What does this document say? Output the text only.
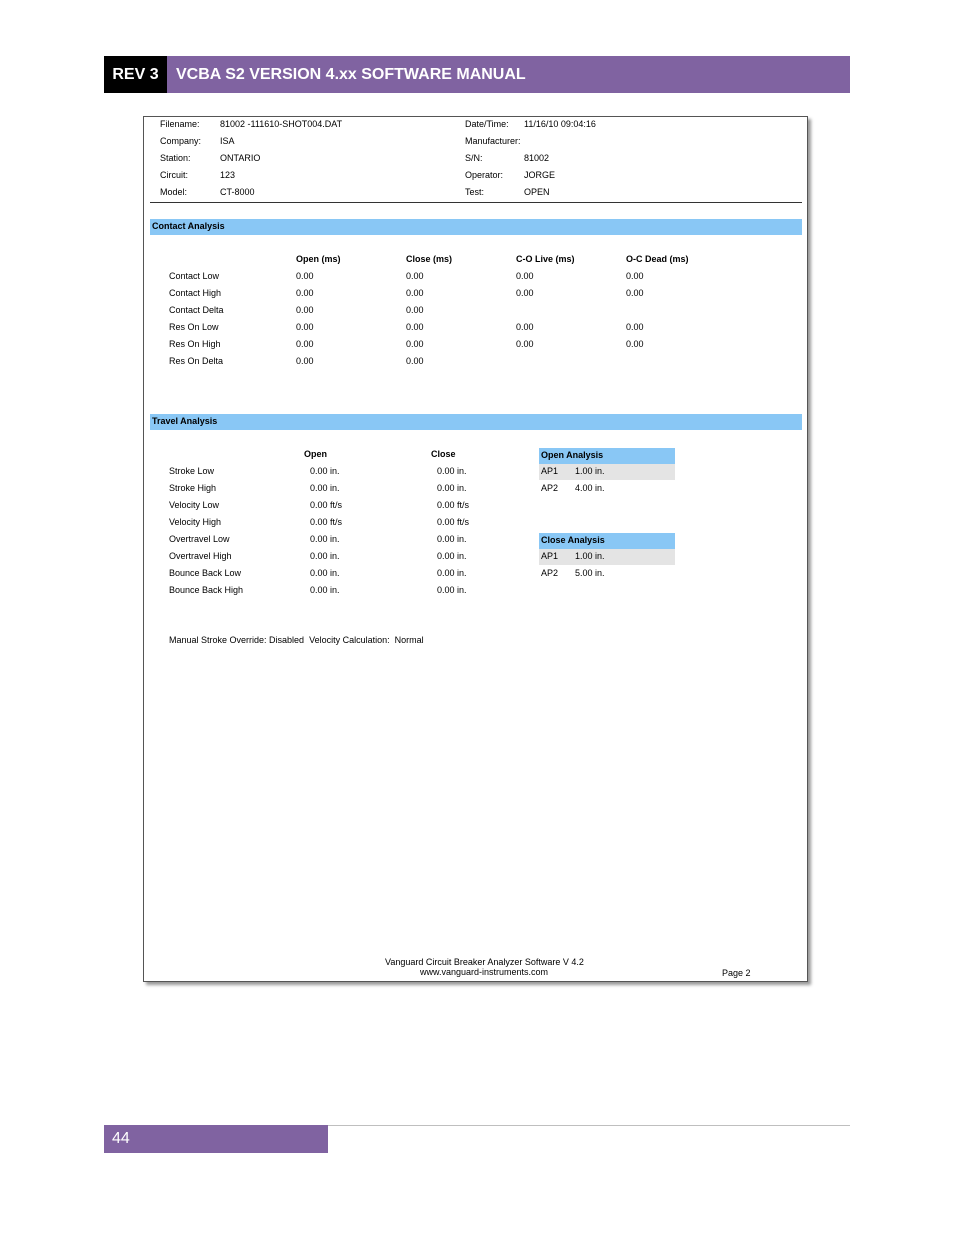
REV 3	VCBA S2 VERSION 4.xx SOFTWARE MANUAL
Filename: 81002 -111610-SHOT004.DAT
Company: ISA
Station:	ONTARIO
Circuit:	123
Model:	CT-8000
Date/Time: 11/16/10 09:04:16
Manufacturer:
S/N:	81002
Operator: JORGE
Test:	OPEN
Contact Analysis
Open (ms)	Close (ms)	C-O Live (ms)	O-C Dead (ms)
Contact Low	0.00	0.00	0.00	0.00
Contact High	0.00	0.00	0.00	0.00
Contact Delta	0.00	0.00
Res On Low	0.00	0.00	0.00	0.00
Res On High	0.00	0.00	0.00	0.00
Res On Delta	0.00	0.00
Travel Analysis
Open	Close
Stroke Low	0.00 in.	0.00 in.
Stroke High	0.00 in.	0.00 in.
Velocity Low	0.00 ft/s	0.00 ft/s
Velocity High	0.00 ft/s	0.00 ft/s
Overtravel Low	0.00 in.	0.00 in.
Overtravel High	0.00 in.	0.00 in.
Bounce Back Low	0.00 in.	0.00 in.
Bounce Back High	0.00 in.	0.00 in.
Open Analysis
AP1 1.00 in.
AP2 4.00 in.
Close Analysis
AP1 1.00 in.
AP2 5.00 in.
Manual Stroke Override: Disabled  Velocity Calculation:  Normal
Vanguard Circuit Breaker Analyzer Software V 4.2
www.vanguard-instruments.com	Page 2
44
